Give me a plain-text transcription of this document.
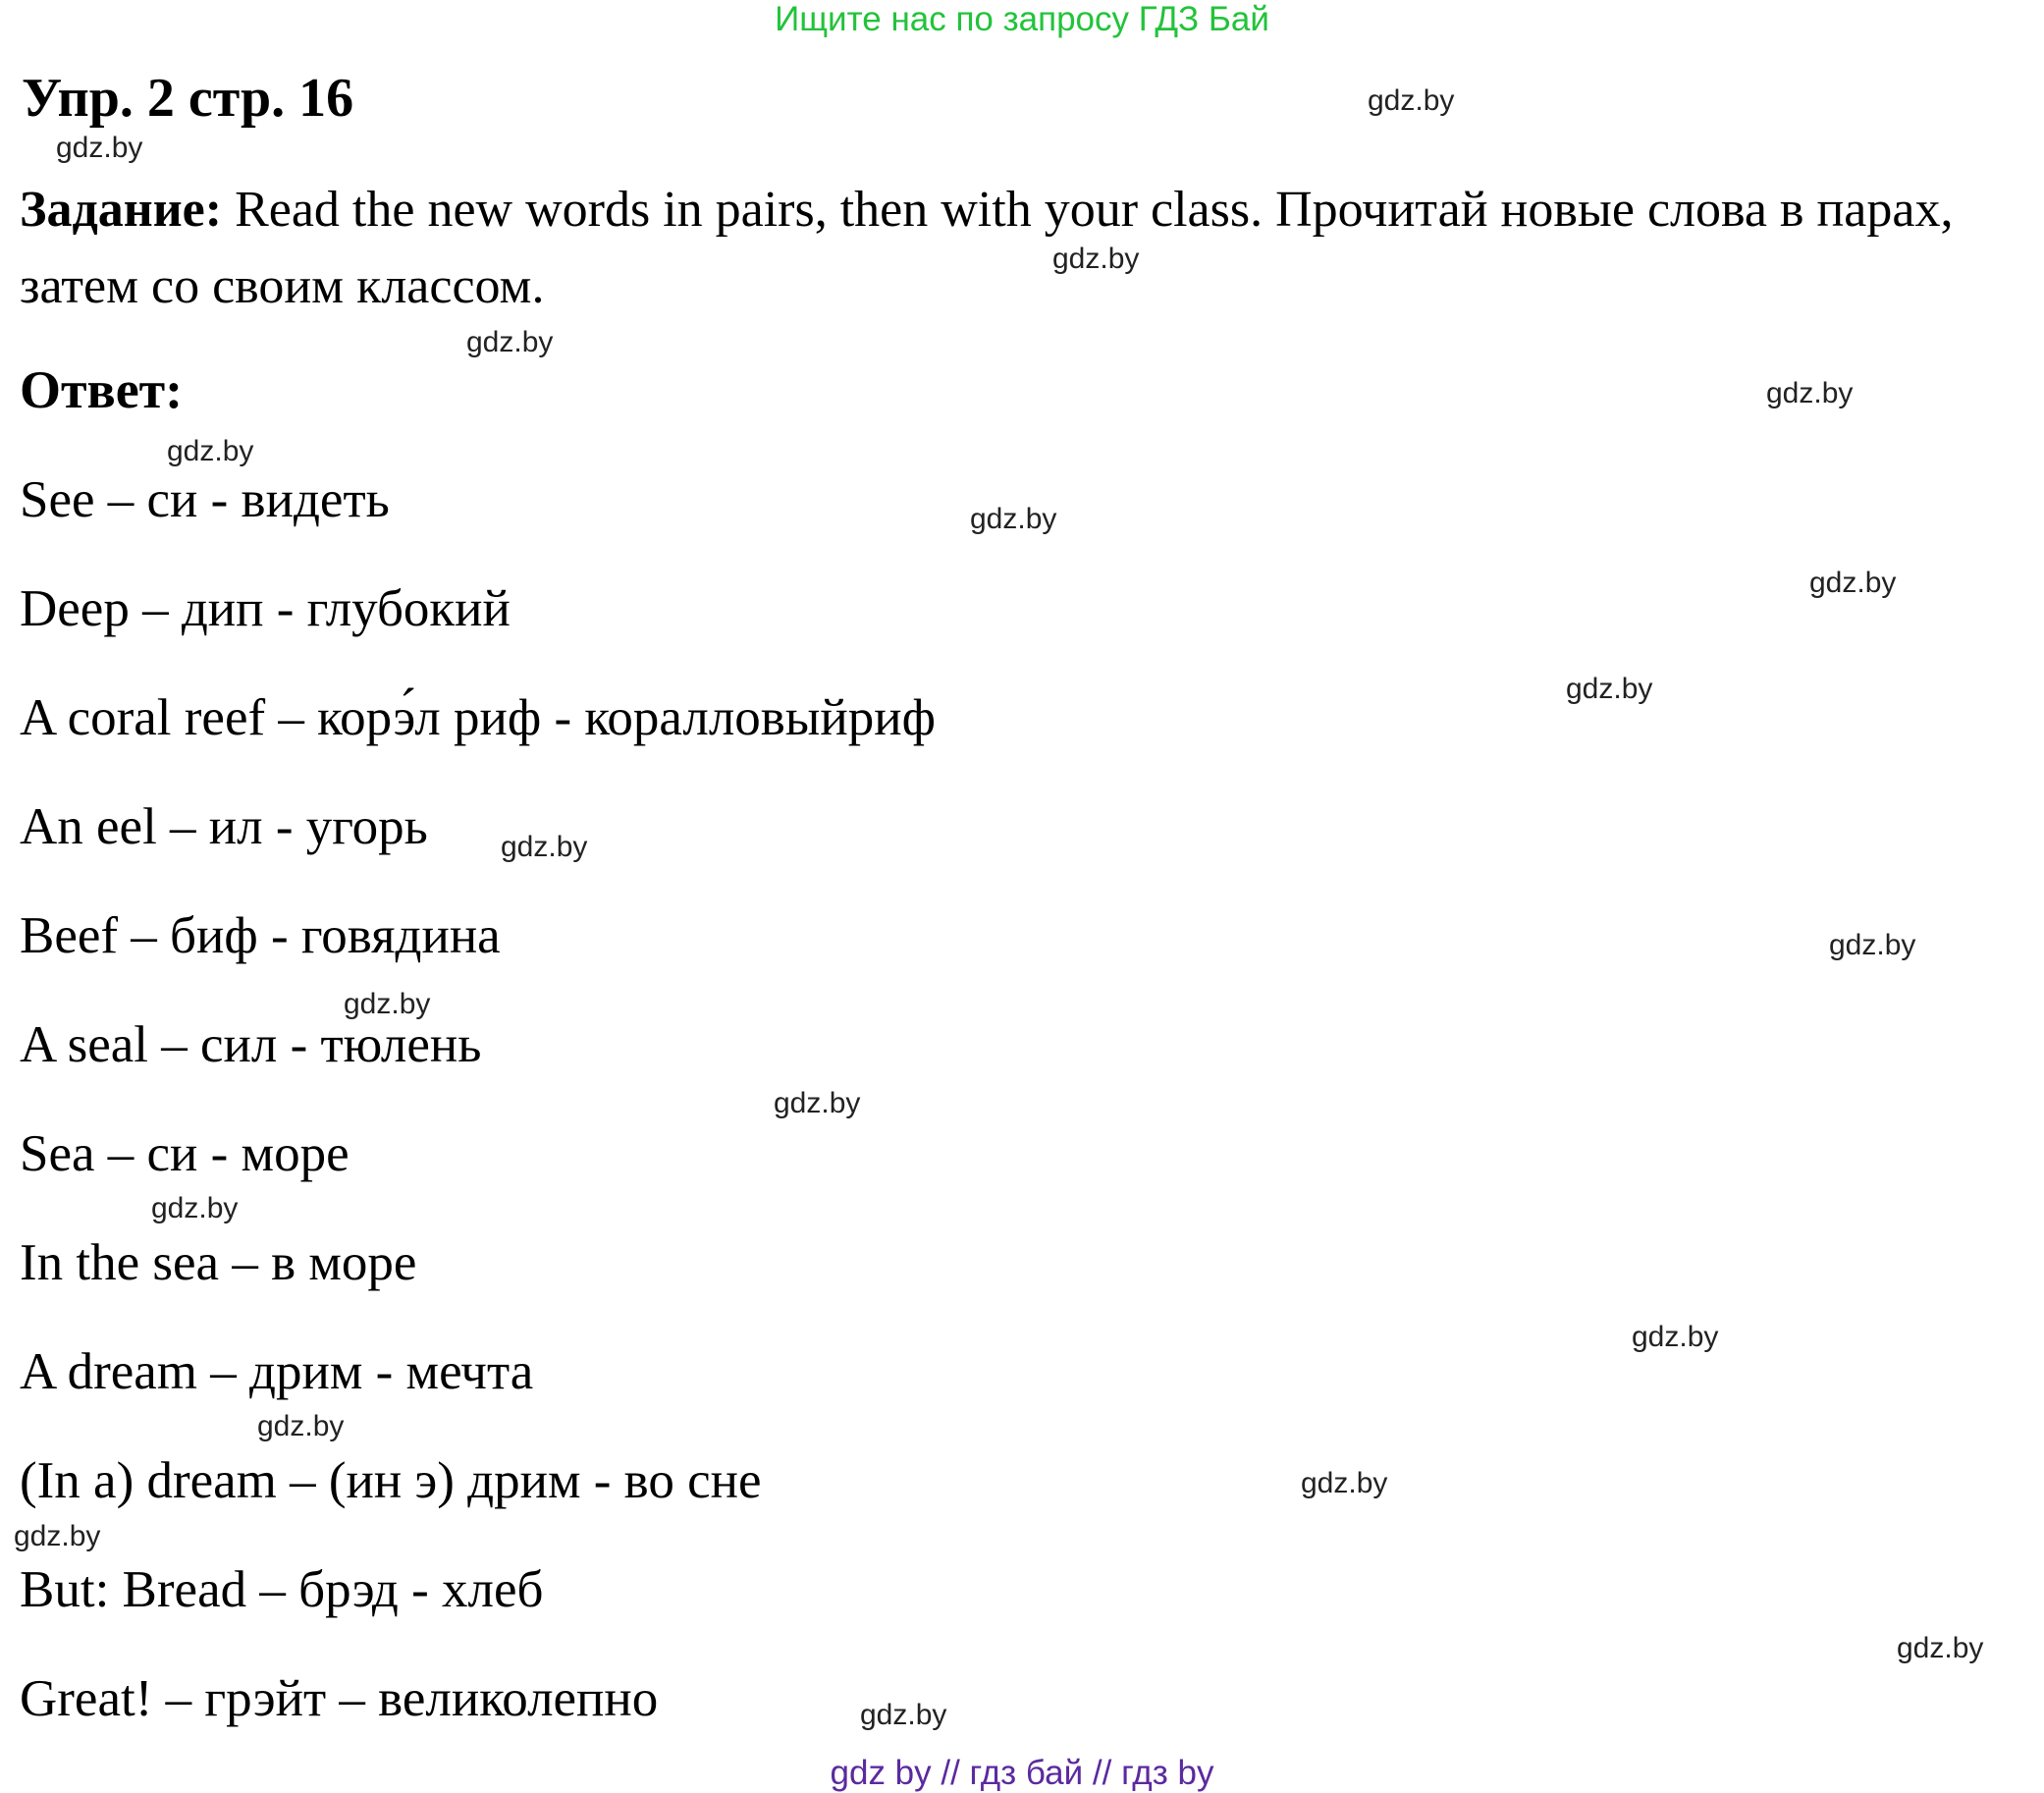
Ищите нас по запросу ГДЗ Бай
Упр. 2 стр. 16
Задание: Read the new words in pairs, then with your class. Прочитай новые слова в парах, затем со своим классом.
Ответ:
See – си - видеть
Deep – дип - глубокий
A coral reef – корэ́л риф - коралловыйриф
An eel – ил - угорь
Beef – биф - говядина
A seal – сил - тюлень
Sea – си - море
In the sea – в море
A dream – дрим - мечта
(In a) dream – (ин э) дрим - во сне
But: Bread – брэд - хлеб
Great! – грэйт – великолепно
gdz.by
gdz.by
gdz.by
gdz.by
gdz.by
gdz.by
gdz.by
gdz.by
gdz.by
gdz.by
gdz.by
gdz.by
gdz.by
gdz.by
gdz.by
gdz.by
gdz.by
gdz.by
gdz.by
gdz.by
gdz by // гдз бай // гдз by
